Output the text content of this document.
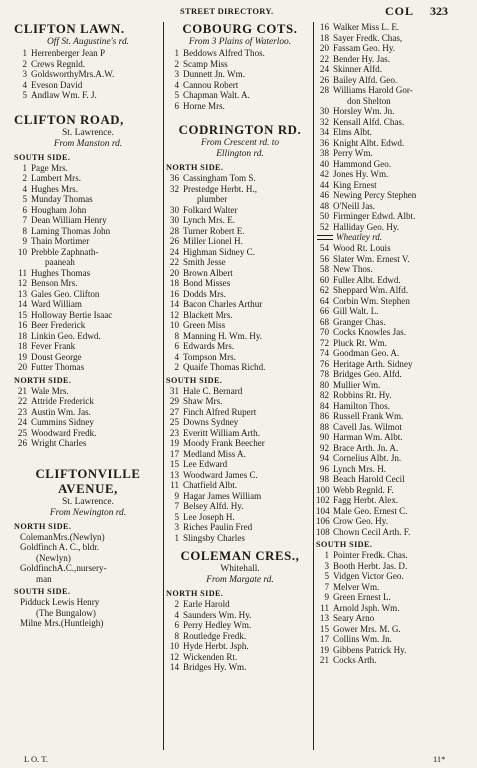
STREET DIRECTORY.	COL 323
CLIFTON LAWN.
Off St. Augustine's rd.
1 Herrenberger Jean P
2 Crews Regnld.
3 GoldsworthyMrs.A.W.
4 Eveson David
5 Andlaw Wm. F. J.
CLIFTON ROAD,
St. Lawrence.
From Manston rd.
SOUTH SIDE.
1 Page Mrs.
2 Lambert Mrs.
4 Hughes Mrs.
5 Munday Thomas
6 Hougham John
7 Dean William Henry
8 Laming Thomas John
9 Thain Mortimer
10 Prebble Zaphnath-
paaneah
11 Hughes Thomas
12 Benson Mrs.
13 Gales Geo. Clifton
14 Ward William
15 Holloway Bertie Isaac
16 Beer Frederick
18 Linkin Geo. Edwd.
18 Fever Frank
19 Doust George
20 Futter Thomas
NORTH SIDE.
21 Wale Mrs.
22 Attride Frederick
23 Austin Wm. Jas.
24 Cummins Sidney
25 Woodward Fredk.
26 Wright Charles
CLIFTONVILLE
AVENUE,
St. Lawrence.
From Newington rd.
NORTH SIDE.
ColemanMrs.(Newlyn)
Goldfinch A. C., bldr.
(Newlyn)
GoldfinchA.C.,nursery-
man
SOUTH SIDE.
Pidduck Lewis Henry
(The Bungalow)
Milne Mrs.(Huntleigh)
COBOURG COTS.
From 3 Plains of Waterloo.
1 Beddows Alfred Thos.
2 Scamp Miss
3 Dunnett Jn. Wm.
4 Cannou Robert
5 Chapman Walt. A.
6 Horne Mrs.
CODRINGTON RD.
From Crescent rd. to
Ellington rd.
NORTH SIDE.
36 Cassingham Tom S.
32 Prestedge Herbt. H.,
plumber
30 Folkard Walter
30 Lynch Mrs. E.
28 Turner Robert E.
26 Miller Lionel H.
24 Highman Sidney C.
22 Smith Jesse
20 Brown Albert
18 Bond Misses
16 Dodds Mrs.
14 Bacon Charles Arthur
12 Blackett Mrs.
10 Green Miss
8 Manning H. Wm. Hy.
6 Edwards Mrs.
4 Tompson Mrs.
2 Quaife Thomas Richd.
SOUTH SIDE.
31 Hale C. Bernard
29 Shaw Mrs.
27 Finch Alfred Rupert
25 Downs Sydney
23 Everitt William Arth.
19 Moody Frank Beecher
17 Medland Miss A.
15 Lee Edward
13 Woodward James C.
11 Chatfield Albt.
9 Hagar James William
7 Belsey Alfd. Hy.
5 Lee Joseph H.
3 Riches Paulin Fred
1 Slingsby Charles
COLEMAN CRES.,
Whitehall.
From Margate rd.
NORTH SIDE.
2 Earle Harold
4 Saunders Wm. Hy.
6 Perry Hedley Wm.
8 Routledge Fredk.
10 Hyde Herbt. Jsph.
12 Wickenden Rt.
14 Bridges Hy. Wm.
16 Walker Miss L. E.
18 Sayer Fredk. Chas,
20 Fassam Geo. Hy.
22 Bender Hy. Jas.
24 Skinner Alfd.
26 Bailey Alfd. Geo.
28 Williams Harold Gor-
don Shelton
30 Horsley Wm. Jn.
32 Kensall Alfd. Chas.
34 Elms Albt.
36 Knight Albt. Edwd.
38 Perry Wm.
40 Hammond Geo.
42 Jones Hy. Wm.
44 King Ernest
46 Newing Percy Stephen
48 O'Neill Jas.
50 Firminger Edwd. Albt.
52 Halliday Geo. Hy.
Wheatley rd.
54 Wood Rt. Louis
56 Slater Wm. Ernest V.
58 New Thos.
60 Fuller Albt. Edwd.
62 Sheppard Wm. Alfd.
64 Corbin Wm. Stephen
66 Gill Walt. L.
68 Granger Chas.
70 Cocks Knowles Jas.
72 Pluck Rt. Wm.
74 Goodman Geo. A.
76 Heritage Arth. Sidney
78 Bridges Geo. Alfd.
80 Mullier Wm.
82 Robbins Rt. Hy.
84 Hamilton Thos.
86 Russell Frank Wm.
88 Cavell Jas. Wilmot
90 Harman Wm. Albt.
92 Brace Arth. Jn. A.
94 Cornelius Albt. Jn.
96 Lynch Mrs. H.
98 Beach Harold Cecil
100 Webb Regnld. F.
102 Fagg Herbt. Alex.
104 Male Geo. Ernest C.
106 Crow Geo. Hy.
108 Chown Cecil Arth. F.
SOUTH SIDE.
1 Pointer Fredk. Chas.
3 Booth Herbt. Jas. D.
5 Vidgen Victor Geo.
7 Melver Wm.
9 Green Ernest L.
11 Arnold Jsph. Wm.
13 Seary Arno
15 Gower Mrs. M. G.
17 Collins Wm. Jn.
19 Gibbens Patrick Hy.
21 Cocks Arth.
L O. T.	11*
